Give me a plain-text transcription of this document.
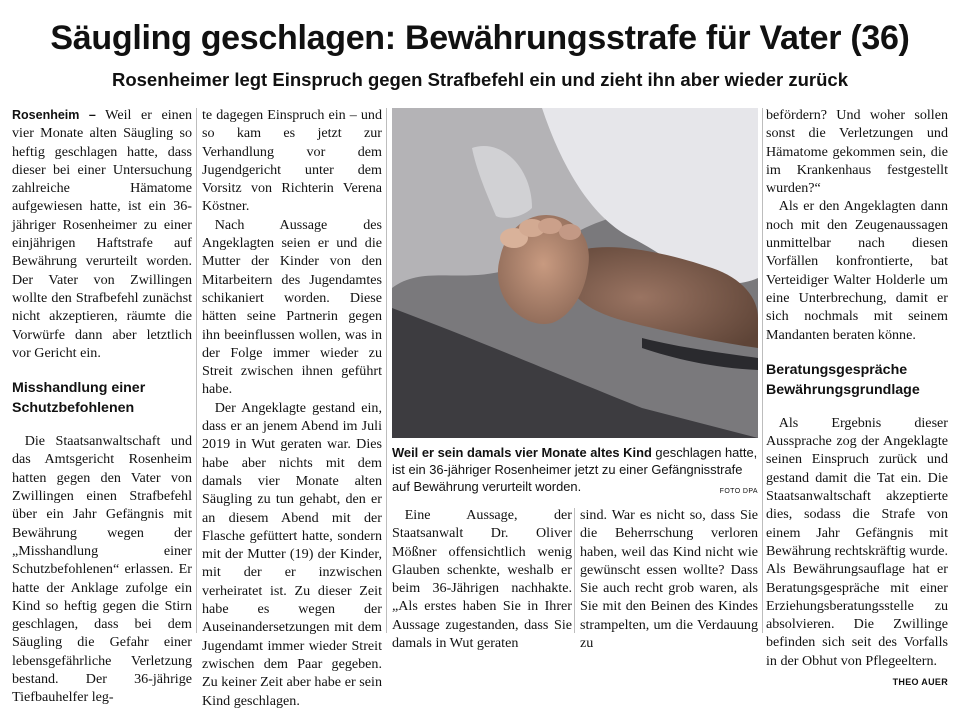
Säugling geschlagen: Bewährungsstrafe für Vater (36)
Rosenheimer legt Einspruch gegen Strafbefehl ein und zieht ihn aber wieder zurück

Rosenheim – Weil er einen vier Monate alten Säugling so heftig geschlagen hatte, dass dieser bei einer Untersuchung zahlreiche Hämatome aufgewiesen hatte, ist ein 36-jähriger Rosenheimer zu einer einjährigen Haftstrafe auf Bewährung verurteilt worden. Der Vater von Zwillingen wollte den Strafbefehl zunächst nicht akzeptieren, räumte die Vorwürfe dann aber letztlich vor Gericht ein.

Misshandlung einer Schutzbefohlenen

Die Staatsanwaltschaft und das Amtsgericht Rosenheim hatten gegen den Vater von Zwillingen einen Strafbefehl über ein Jahr Gefängnis mit Bewährung wegen der „Misshandlung einer Schutzbefohlenen“ erlassen. Er hatte der Anklage zufolge ein Kind so heftig gegen die Stirn geschlagen, dass bei dem Säugling die Gefahr einer lebensgefährliche Verletzung bestand. Der 36-jährige Tiefbauhelfer leg-

te dagegen Einspruch ein – und so kam es jetzt zur Verhandlung vor dem Jugendgericht unter dem Vorsitz von Richterin Verena Köstner.

Nach Aussage des Angeklagten seien er und die Mutter der Kinder von den Mitarbeitern des Jugendamtes schikaniert worden. Diese hätten seine Partnerin gegen ihn beeinflussen wollen, was in der Folge immer wieder zu Streit zwischen ihnen geführt habe.

Der Angeklagte gestand ein, dass er an jenem Abend im Juli 2019 in Wut geraten war. Dies habe aber nichts mit dem damals vier Monate alten Säugling zu tun gehabt, den er an diesem Abend mit der Flasche gefüttert hatte, sondern mit der Mutter (19) der Kinder, mit der er inzwischen verheiratet ist. Zu dieser Zeit habe es wegen der Auseinandersetzungen mit dem Jugendamt immer wieder Streit zwischen dem Paar gegeben. Zu keiner Zeit aber habe er sein Kind geschlagen.

Weil er sein damals vier Monate altes Kind geschlagen hatte, ist ein 36-jähriger Rosenheimer jetzt zu einer Gefängnisstrafe auf Bewährung verurteilt worden.	FOTO DPA

Eine Aussage, der Staatsanwalt Dr. Oliver Mößner offensichtlich wenig Glauben schenkte, weshalb er beim 36-Jährigen nachhakte. „Als erstes haben Sie in Ihrer Aussage zugestanden, dass Sie damals in Wut geraten

sind. War es nicht so, dass Sie die Beherrschung verloren haben, weil das Kind nicht wie gewünscht essen wollte? Dass Sie auch recht grob waren, als Sie mit den Beinen des Kindes strampelten, um die Verdauung zu

befördern? Und woher sollen sonst die Verletzungen und Hämatome gekommen sein, die im Krankenhaus festgestellt wurden?“

Als er den Angeklagten dann noch mit den Zeugenaussagen unmittelbar nach diesen Vorfällen konfrontierte, bat Verteidiger Walter Holderle um eine Unterbrechung, damit er sich nochmals mit seinem Mandanten beraten könne.

Beratungsgespräche Bewährungsgrundlage

Als Ergebnis dieser Aussprache zog der Angeklagte seinen Einspruch zurück und gestand damit die Tat ein. Die Staatsanwaltschaft akzeptierte dies, sodass die Strafe von einem Jahr Gefängnis mit Bewährung rechtskräftig wurde. Als Bewährungsauflage hat er Beratungsgespräche mit einer Erziehungsberatungsstelle zu absolvieren. Die Zwillinge befinden sich seit des Vorfalls in der Obhut von Pflegeeltern.

THEO AUER
